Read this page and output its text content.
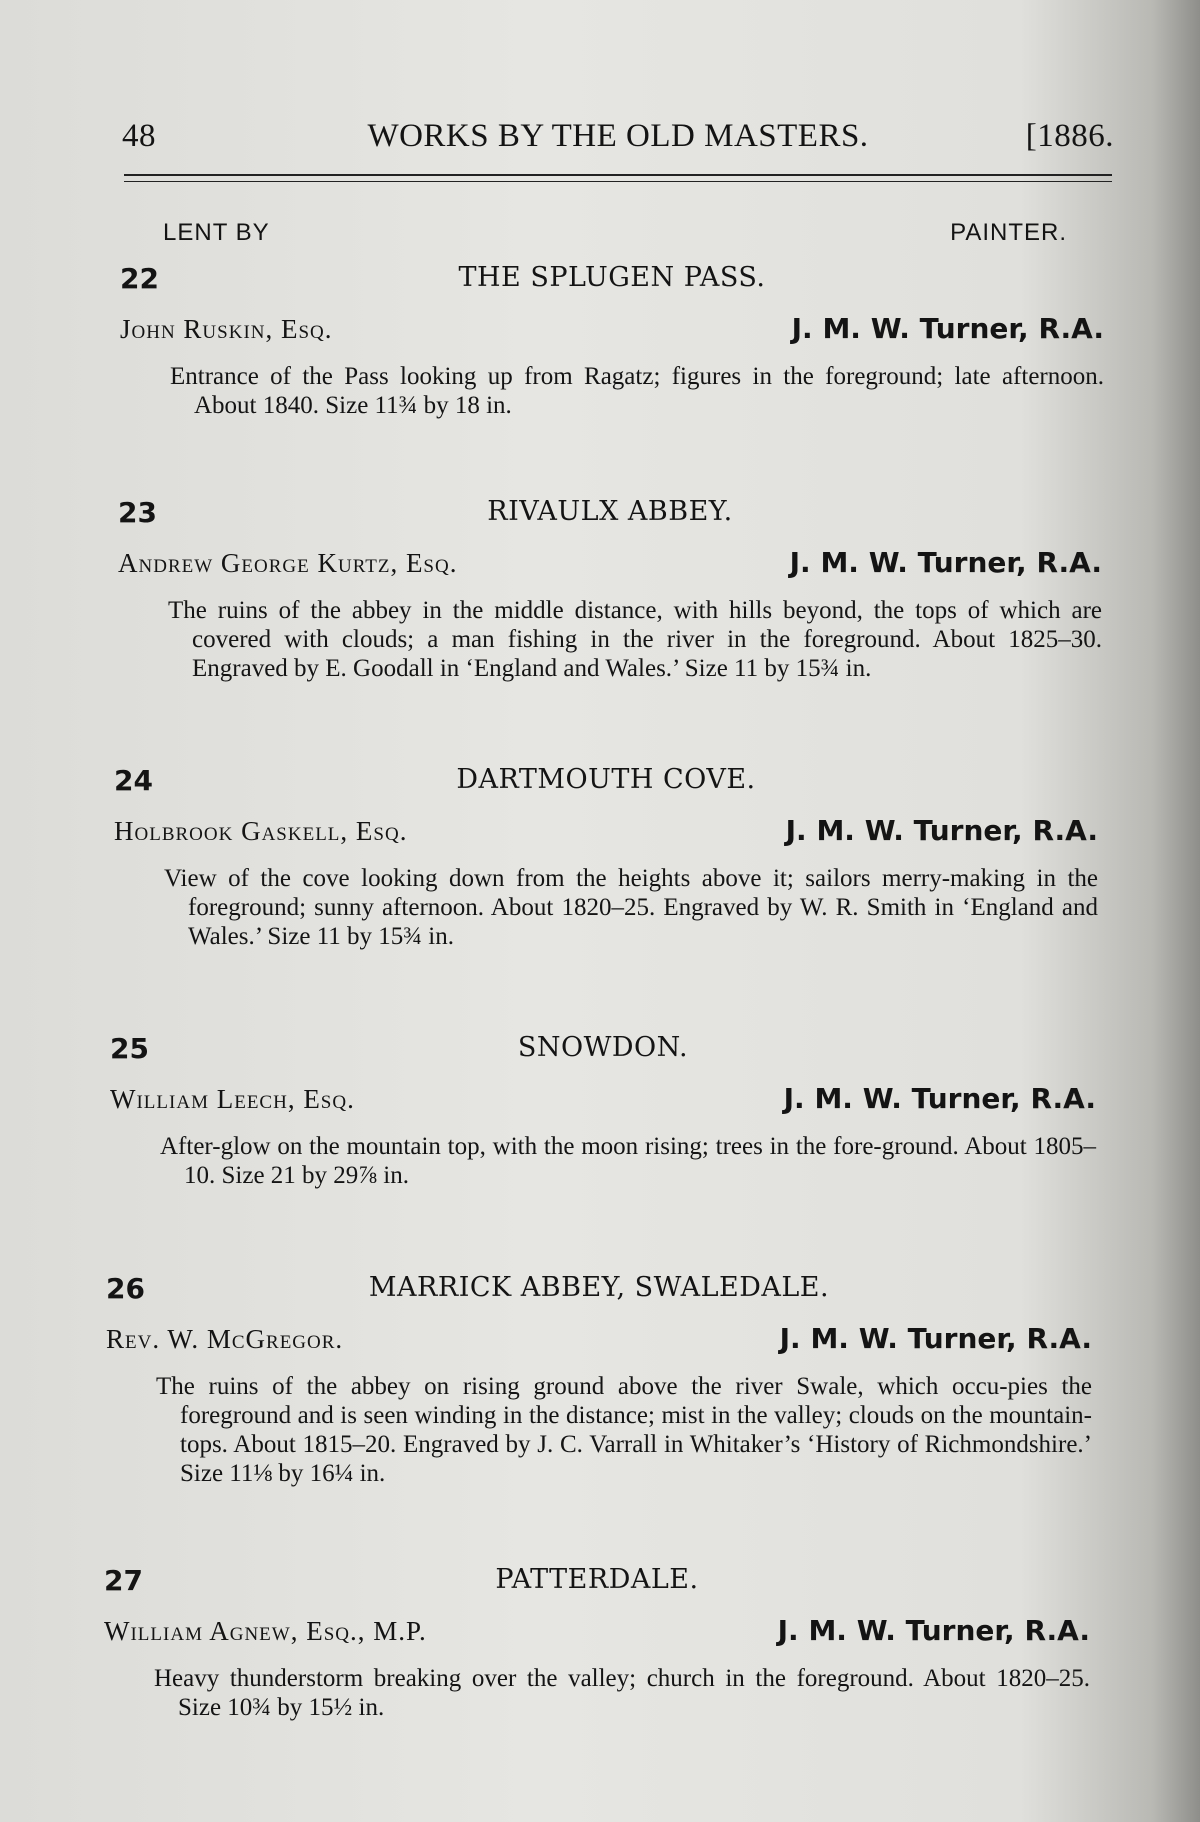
48	WORKS BY THE OLD MASTERS.	[1886.
LENT BY	PAINTER.
22	THE SPLUGEN PASS.
John Ruskin, Esq.	J. M. W. Turner, R.A.

Entrance of the Pass looking up from Ragatz; figures in the foreground; late afternoon. About 1840. Size 11¾ by 18 in.

23	RIVAULX ABBEY.
Andrew George Kurtz, Esq.	J. M. W. Turner, R.A.

The ruins of the abbey in the middle distance, with hills beyond, the tops of which are covered with clouds; a man fishing in the river in the foreground. About 1825–30. Engraved by E. Goodall in ‘England and Wales.’ Size 11 by 15¾ in.

24	DARTMOUTH COVE.
Holbrook Gaskell, Esq.	J. M. W. Turner, R.A.

View of the cove looking down from the heights above it; sailors merry-making in the foreground; sunny afternoon. About 1820–25. Engraved by W. R. Smith in ‘England and Wales.’ Size 11 by 15¾ in.

25	SNOWDON.
William Leech, Esq.	J. M. W. Turner, R.A.

After-glow on the mountain top, with the moon rising; trees in the fore-ground. About 1805–10. Size 21 by 29⅞ in.

26	MARRICK ABBEY, SWALEDALE.
Rev. W. McGregor.	J. M. W. Turner, R.A.

The ruins of the abbey on rising ground above the river Swale, which occu-pies the foreground and is seen winding in the distance; mist in the valley; clouds on the mountain-tops. About 1815–20. Engraved by J. C. Varrall in Whitaker’s ‘History of Richmondshire.’ Size 11⅛ by 16¼ in.

27	PATTERDALE.
William Agnew, Esq., M.P.	J. M. W. Turner, R.A.

Heavy thunderstorm breaking over the valley; church in the foreground. About 1820–25. Size 10¾ by 15½ in.
